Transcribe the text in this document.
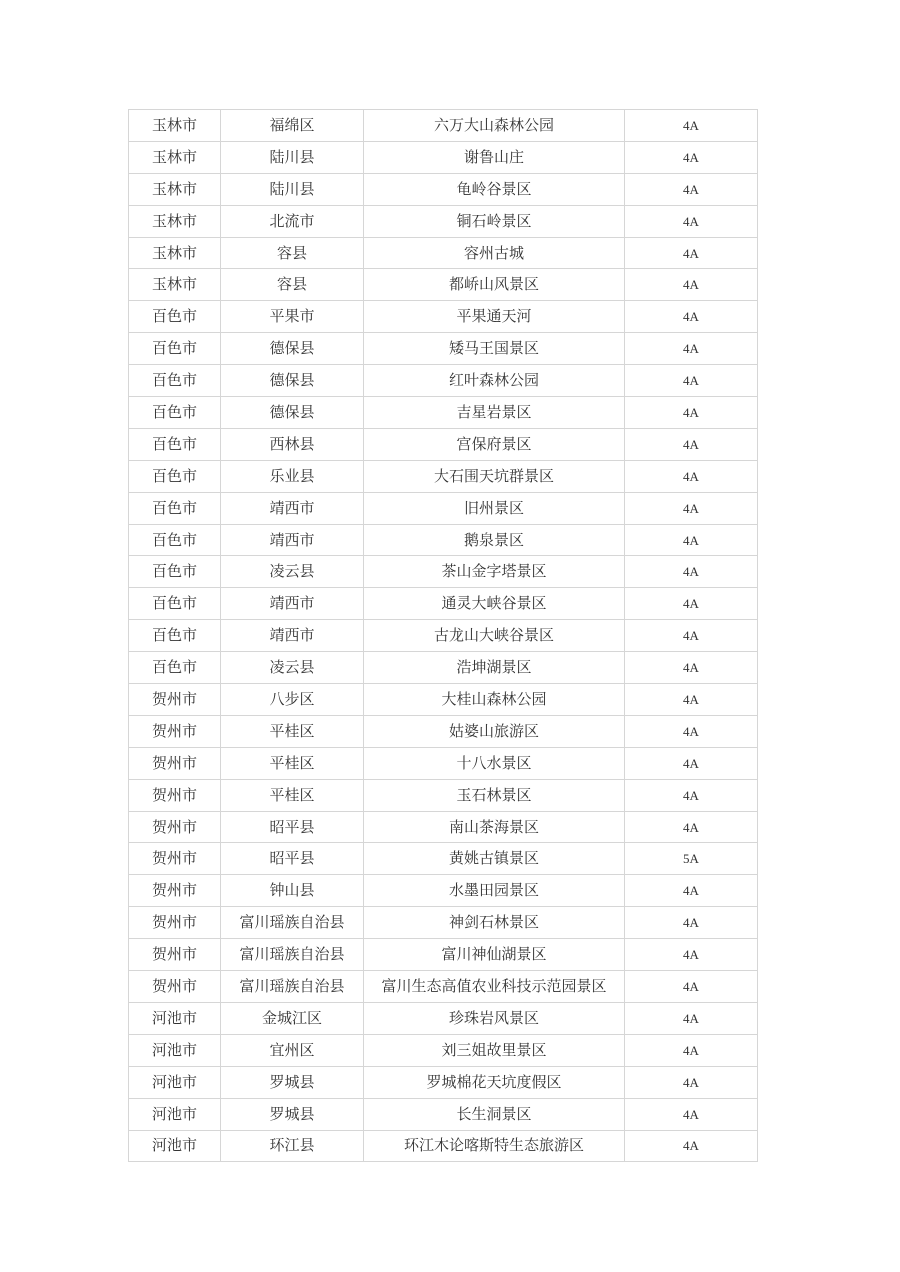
玉林市	福绵区	六万大山森林公园	4A
玉林市	陆川县	谢鲁山庄	4A
玉林市	陆川县	龟岭谷景区	4A
玉林市	北流市	铜石岭景区	4A
玉林市	容县	容州古城	4A
玉林市	容县	都峤山风景区	4A
百色市	平果市	平果通天河	4A
百色市	德保县	矮马王国景区	4A
百色市	德保县	红叶森林公园	4A
百色市	德保县	吉星岩景区	4A
百色市	西林县	宫保府景区	4A
百色市	乐业县	大石围天坑群景区	4A
百色市	靖西市	旧州景区	4A
百色市	靖西市	鹅泉景区	4A
百色市	凌云县	茶山金字塔景区	4A
百色市	靖西市	通灵大峡谷景区	4A
百色市	靖西市	古龙山大峡谷景区	4A
百色市	凌云县	浩坤湖景区	4A
贺州市	八步区	大桂山森林公园	4A
贺州市	平桂区	姑婆山旅游区	4A
贺州市	平桂区	十八水景区	4A
贺州市	平桂区	玉石林景区	4A
贺州市	昭平县	南山茶海景区	4A
贺州市	昭平县	黄姚古镇景区	5A
贺州市	钟山县	水墨田园景区	4A
贺州市	富川瑶族自治县	神剑石林景区	4A
贺州市	富川瑶族自治县	富川神仙湖景区	4A
贺州市	富川瑶族自治县	富川生态高值农业科技示范园景区	4A
河池市	金城江区	珍珠岩风景区	4A
河池市	宜州区	刘三姐故里景区	4A
河池市	罗城县	罗城棉花天坑度假区	4A
河池市	罗城县	长生洞景区	4A
河池市	环江县	环江木论喀斯特生态旅游区	4A
